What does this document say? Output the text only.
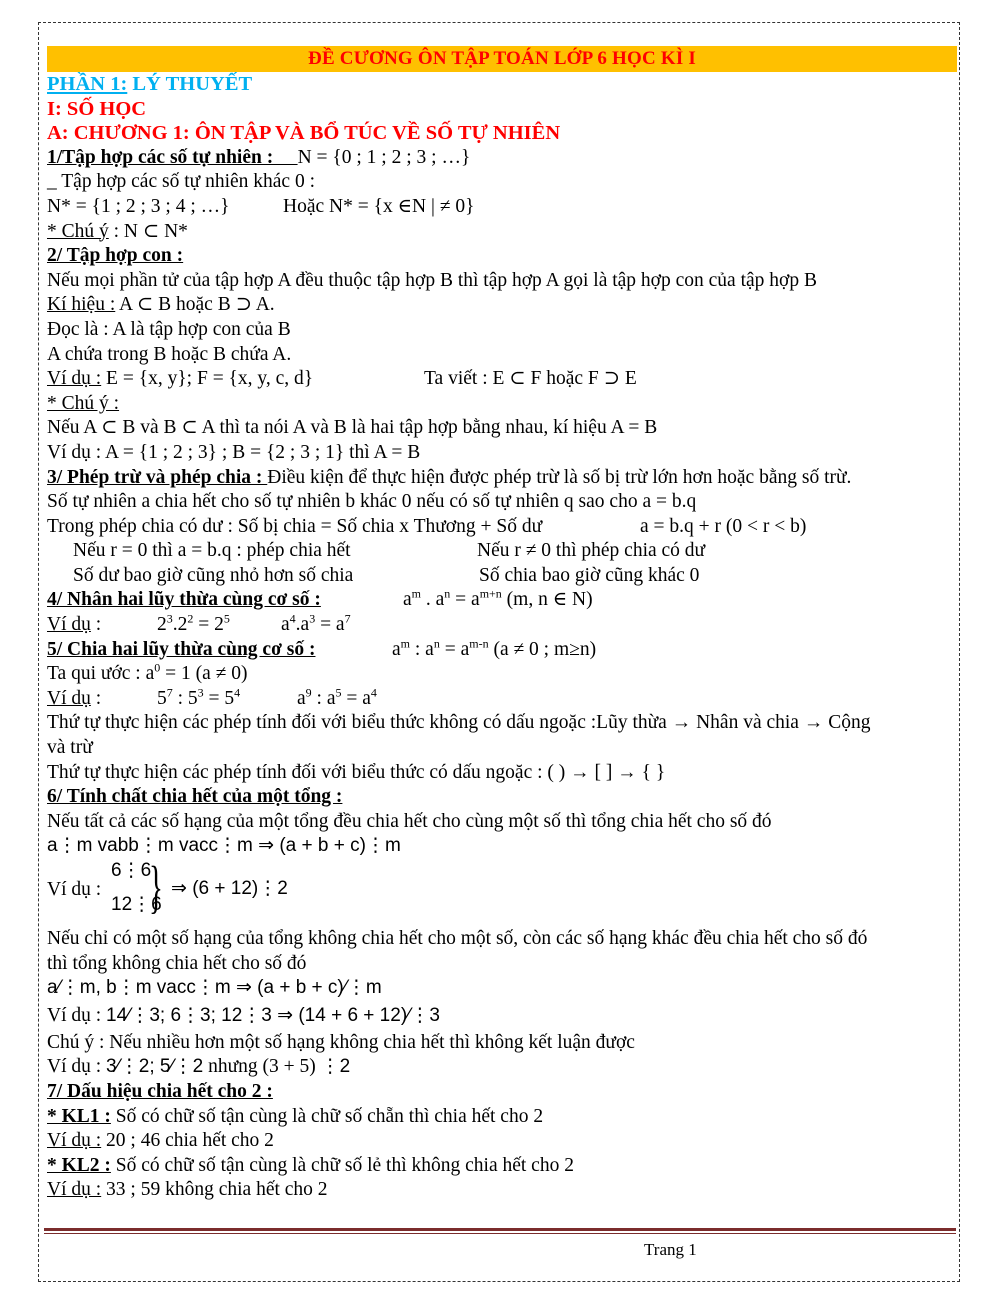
ĐỀ CƯƠNG ÔN TẬP TOÁN LỚP 6 HỌC KÌ I
PHẦN 1: LÝ THUYẾT
I: SỐ HỌC
A: CHƯƠNG 1: ÔN TẬP VÀ BỔ TÚC VỀ SỐ TỰ NHIÊN
1/Tập hợp các số tự nhiên :     N = {0 ; 1 ; 2 ; 3 ; …}
_ Tập hợp các số tự nhiên khác 0 :
N* = {1 ; 2 ; 3 ; 4 ; …}	Hoặc N* = {x ∈N | ≠ 0}
* Chú ý : N ⊂ N*
2/ Tập hợp con :
Nếu mọi phần tử của tập hợp A đều thuộc tập hợp B thì tập hợp A gọi là tập hợp con của tập hợp B
Kí hiệu : A ⊂ B hoặc B ⊃ A.
Đọc là : A là tập hợp con của B
A chứa trong B hoặc B chứa A.
Ví dụ : E = {x, y}; F = {x, y, c, d}	Ta viết : E ⊂ F hoặc F ⊃ E
* Chú ý :
Nếu A ⊂ B và B ⊂ A thì ta nói A và B là hai tập hợp bằng nhau, kí hiệu A = B
Ví dụ : A = {1 ; 2 ; 3} ; B = {2 ; 3 ; 1} thì A = B
3/ Phép trừ và phép chia : Điều kiện để thực hiện được phép trừ là số bị trừ lớn hơn hoặc bằng số trừ.
Số tự nhiên a chia hết cho số tự nhiên b khác 0 nếu có số tự nhiên q sao cho a = b.q
Trong phép chia có dư : Số bị chia = Số chia x Thương + Số dư	a = b.q + r (0 < r < b)
Nếu r = 0 thì a = b.q : phép chia hết	Nếu r ≠ 0 thì phép chia có dư
Số dư bao giờ cũng nhỏ hơn số chia	Số chia bao giờ cũng khác 0
4/ Nhân hai lũy thừa cùng cơ số :	$a^m$ . $a^n = a^{m+n}$ (m, n ∈ N)
Ví dụ :	$2^3.2^2 = 2^5$	$a^4.a^3 = a^7$
5/ Chia hai lũy thừa cùng cơ số :	$a^m$ : $a^n = a^{m-n}$ (a ≠ 0 ; m≥n)
Ta qui ước : $a^0 = 1$ (a ≠ 0)
Ví dụ :	$5^7$ : $5^3 = 5^4$	$a^9$ : $a^5 = a^4$
Thứ tự thực hiện các phép tính đối với biểu thức không có dấu ngoặc :Lũy thừa → Nhân và chia → Cộng
và trừ
Thứ tự thực hiện các phép tính đối với biểu thức có dấu ngoặc : ( ) → [ ] → { }
6/ Tính chất chia hết của một tổng :
Nếu tất cả các số hạng của một tổng đều chia hết cho cùng một số thì tổng chia hết cho số đó
a⋮m vabb⋮m vacc⋮m ⇒ (a + b + c)⋮m
Ví dụ :
6⋮6
12⋮6
} ⇒ (6 + 12)⋮2
Nếu chỉ có một số hạng của tổng không chia hết cho một số, còn các số hạng khác đều chia hết cho số đó
thì tổng không chia hết cho số đó
a⁄⋮m, b⋮m vacc⋮m ⇒ (a + b + c)⁄⋮m
Ví dụ : 14⁄⋮3; 6⋮3; 12⋮3 ⇒ (14 + 6 + 12)⁄⋮3
Chú ý : Nếu nhiều hơn một số hạng không chia hết thì không kết luận được
Ví dụ : 3⁄⋮2; 5⁄⋮2 nhưng (3 + 5) ⋮2
7/ Dấu hiệu chia hết cho 2 :
* KL1 : Số có chữ số tận cùng là chữ số chẵn thì chia hết cho 2
Ví dụ : 20 ; 46 chia hết cho 2
* KL2 : Số có chữ số tận cùng là chữ số lẻ thì không chia hết cho 2
Ví dụ : 33 ; 59 không chia hết cho 2
Trang 1
